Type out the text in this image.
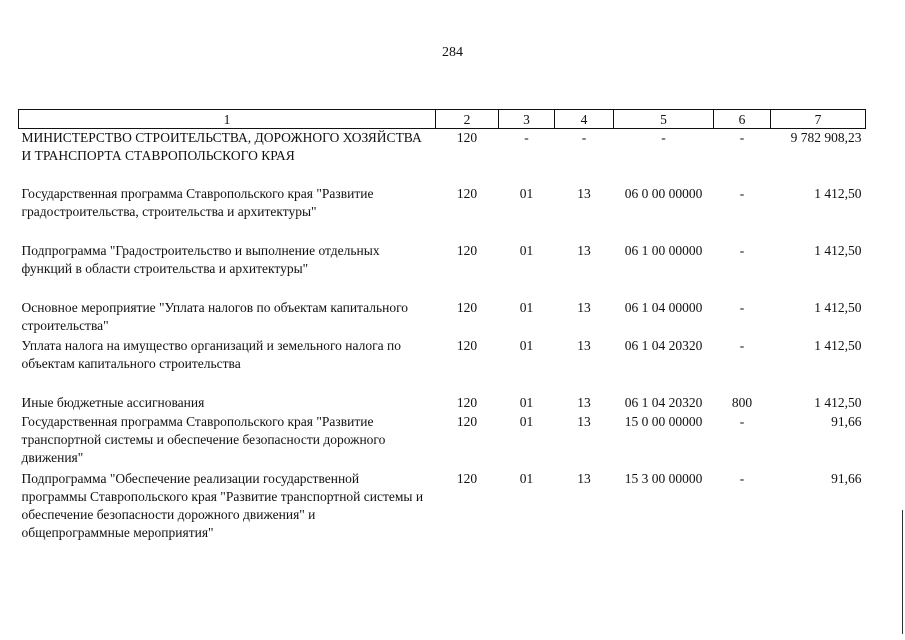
284
1	2	3	4	5	6	7
МИНИСТЕРСТВО СТРОИТЕЛЬСТВА, ДОРОЖНОГО ХОЗЯЙСТВА И ТРАНСПОРТА СТАВРОПОЛЬСКОГО КРАЯ	120	-	-	-	-	9 782 908,23
Государственная программа Ставропольского края "Развитие градостроительства, строительства и архитектуры"	120	01	13	06 0 00 00000	-	1 412,50
Подпрограмма "Градостроительство и выполнение отдельных функций в области строительства и архитектуры"	120	01	13	06 1 00 00000	-	1 412,50
Основное мероприятие "Уплата налогов по объектам капитального строительства"	120	01	13	06 1 04 00000	-	1 412,50
Уплата налога на имущество организаций и земельного налога по объектам капитального строительства	120	01	13	06 1 04 20320	-	1 412,50
Иные бюджетные ассигнования	120	01	13	06 1 04 20320	800	1 412,50
Государственная программа Ставропольского края "Развитие транспортной системы и обеспечение безопасности дорожного движения"	120	01	13	15 0 00 00000	-	91,66
Подпрограмма "Обеспечение реализации государственной программы Ставропольского края "Развитие транспортной системы и обеспечение безопасности дорожного движения" и общепрограммные мероприятия"	120	01	13	15 3 00 00000	-	91,66
